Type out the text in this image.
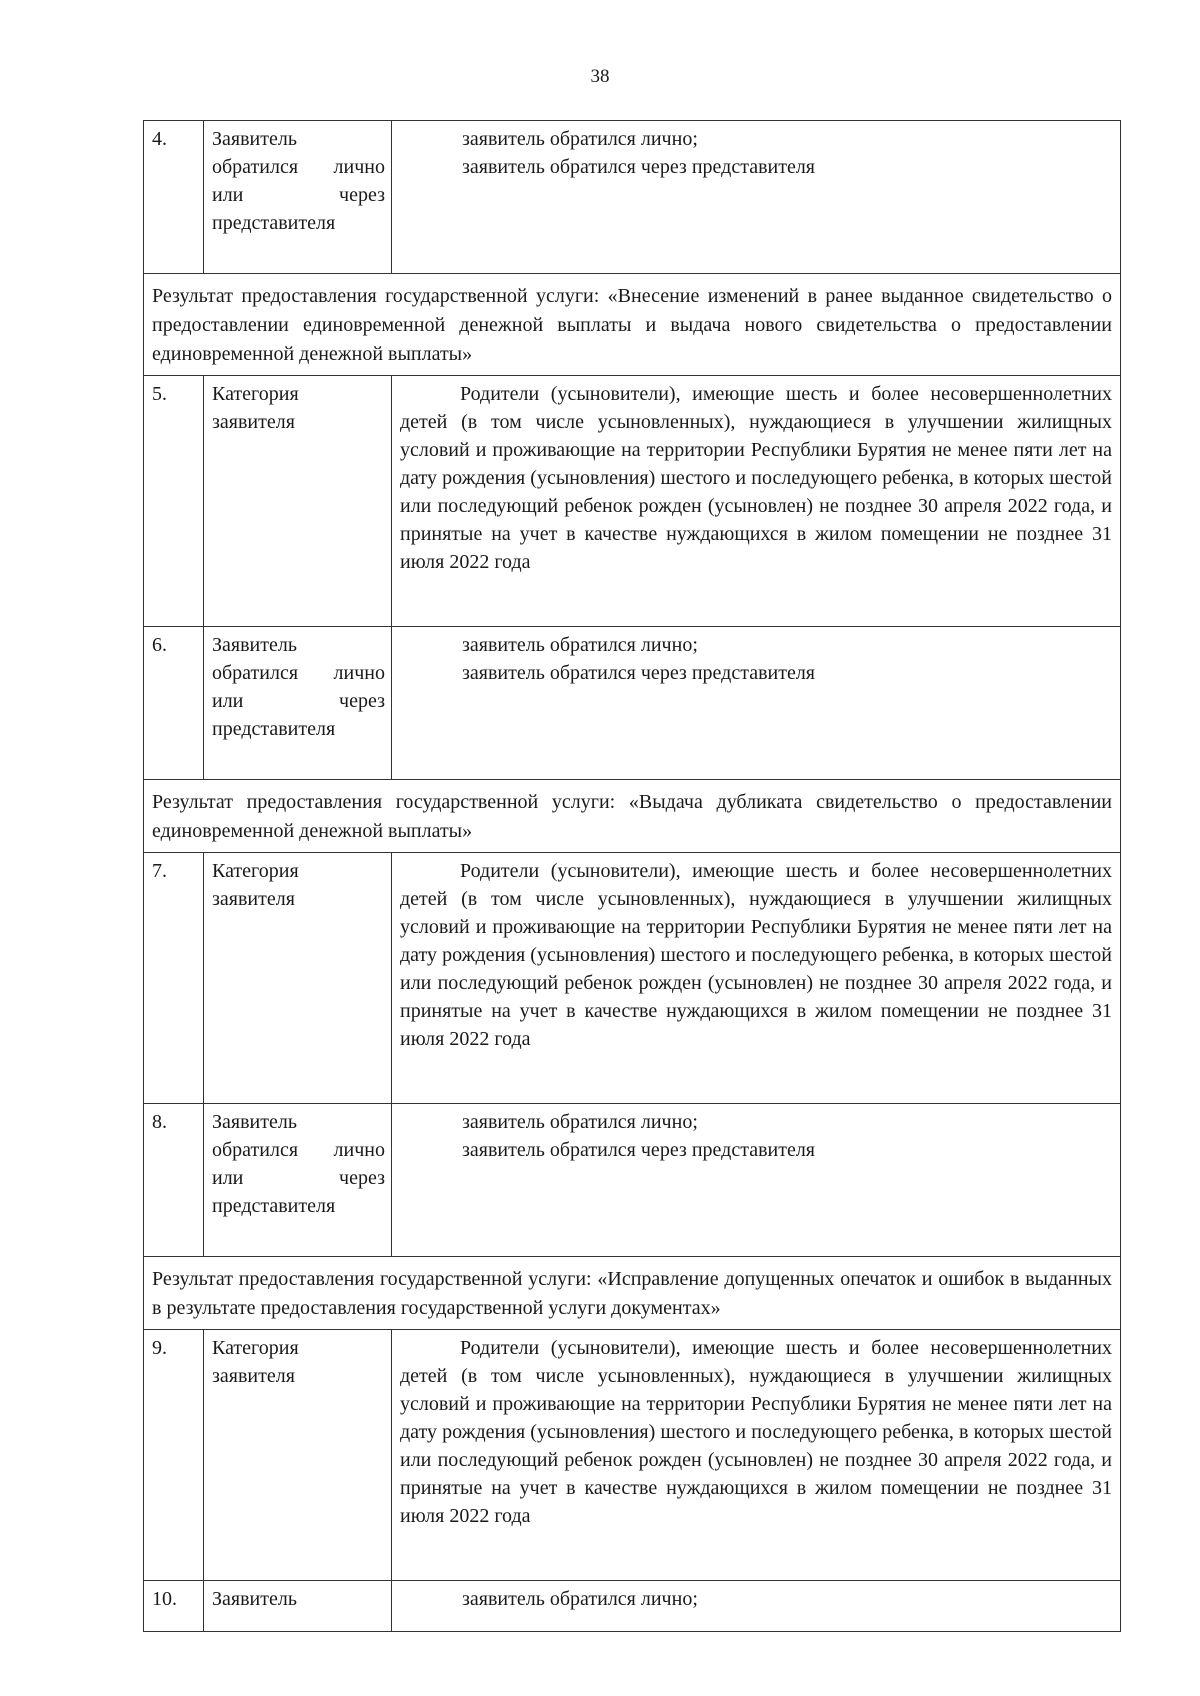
38
4.	Заявитель обратился лично или через представителя	заявитель обратился лично;
заявитель обратился через представителя

Результат предоставления государственной услуги: «Внесение изменений в ранее выданное свидетельство о предоставлении единовременной денежной выплаты и выдача нового свидетельства о предоставлении единовременной денежной выплаты»		
5.	Категория заявителя	Родители (усыновители), имеющие шесть и более несовершеннолетних детей (в том числе усыновленных), нуждающиеся в улучшении жилищных условий и проживающие на территории Республики Бурятия не менее пяти лет на дату рождения (усыновления) шестого и последующего ребенка, в которых шестой или последующий ребенок рожден (усыновлен) не позднее 30 апреля 2022 года, и принятые на учет в качестве нуждающихся в жилом помещении не позднее 31 июля 2022 года
6.	Заявитель обратился лично или через представителя	заявитель обратился лично;
заявитель обратился через представителя

Результат предоставления государственной услуги: «Выдача дубликата свидетельство о предоставлении единовременной денежной выплаты»		
7.	Категория заявителя	Родители (усыновители), имеющие шесть и более несовершеннолетних детей (в том числе усыновленных), нуждающиеся в улучшении жилищных условий и проживающие на территории Республики Бурятия не менее пяти лет на дату рождения (усыновления) шестого и последующего ребенка, в которых шестой или последующий ребенок рожден (усыновлен) не позднее 30 апреля 2022 года, и принятые на учет в качестве нуждающихся в жилом помещении не позднее 31 июля 2022 года
8.	Заявитель обратился лично или через представителя	заявитель обратился лично;
заявитель обратился через представителя

Результат предоставления государственной услуги: «Исправление допущенных опечаток и ошибок в выданных в результате предоставления государственной услуги документах»		
9.	Категория заявителя	Родители (усыновители), имеющие шесть и более несовершеннолетних детей (в том числе усыновленных), нуждающиеся в улучшении жилищных условий и проживающие на территории Республики Бурятия не менее пяти лет на дату рождения (усыновления) шестого и последующего ребенка, в которых шестой или последующий ребенок рожден (усыновлен) не позднее 30 апреля 2022 года, и принятые на учет в качестве нуждающихся в жилом помещении не позднее 31 июля 2022 года
10.	Заявитель	заявитель обратился лично;
